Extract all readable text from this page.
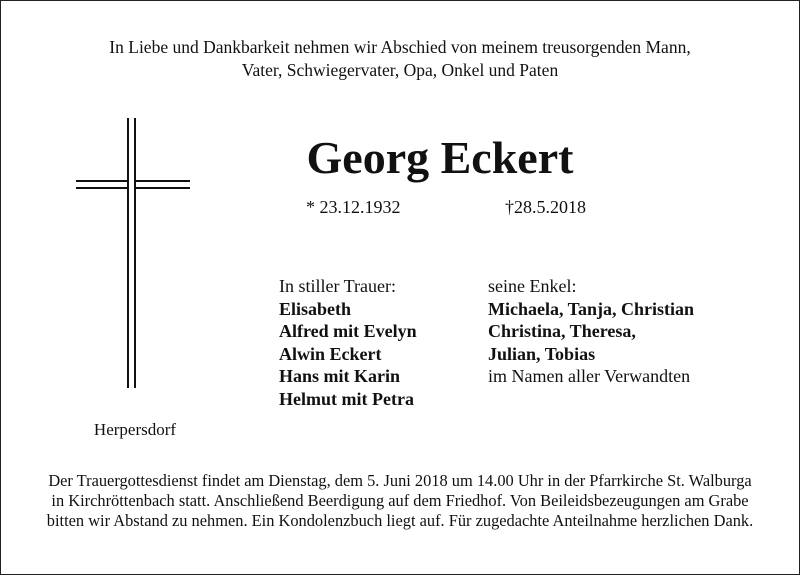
In Liebe und Dankbarkeit nehmen wir Abschied von meinem treusorgenden Mann,
Vater, Schwiegervater, Opa, Onkel und Paten
Herpersdorf
Georg Eckert
* 23.12.1932	†28.5.2018
In stiller Trauer:
Elisabeth
Alfred mit Evelyn
Alwin Eckert
Hans mit Karin
Helmut mit Petra
seine Enkel:
Michaela, Tanja, Christian
Christina, Theresa,
Julian, Tobias
im Namen aller Verwandten
Der Trauergottesdienst findet am Dienstag, dem 5. Juni 2018 um 14.00 Uhr in der Pfarrkirche St. Walburga
in Kirchröttenbach statt. Anschließend Beerdigung auf dem Friedhof. Von Beileidsbezeugungen am Grabe
bitten wir Abstand zu nehmen. Ein Kondolenzbuch liegt auf. Für zugedachte Anteilnahme herzlichen Dank.
